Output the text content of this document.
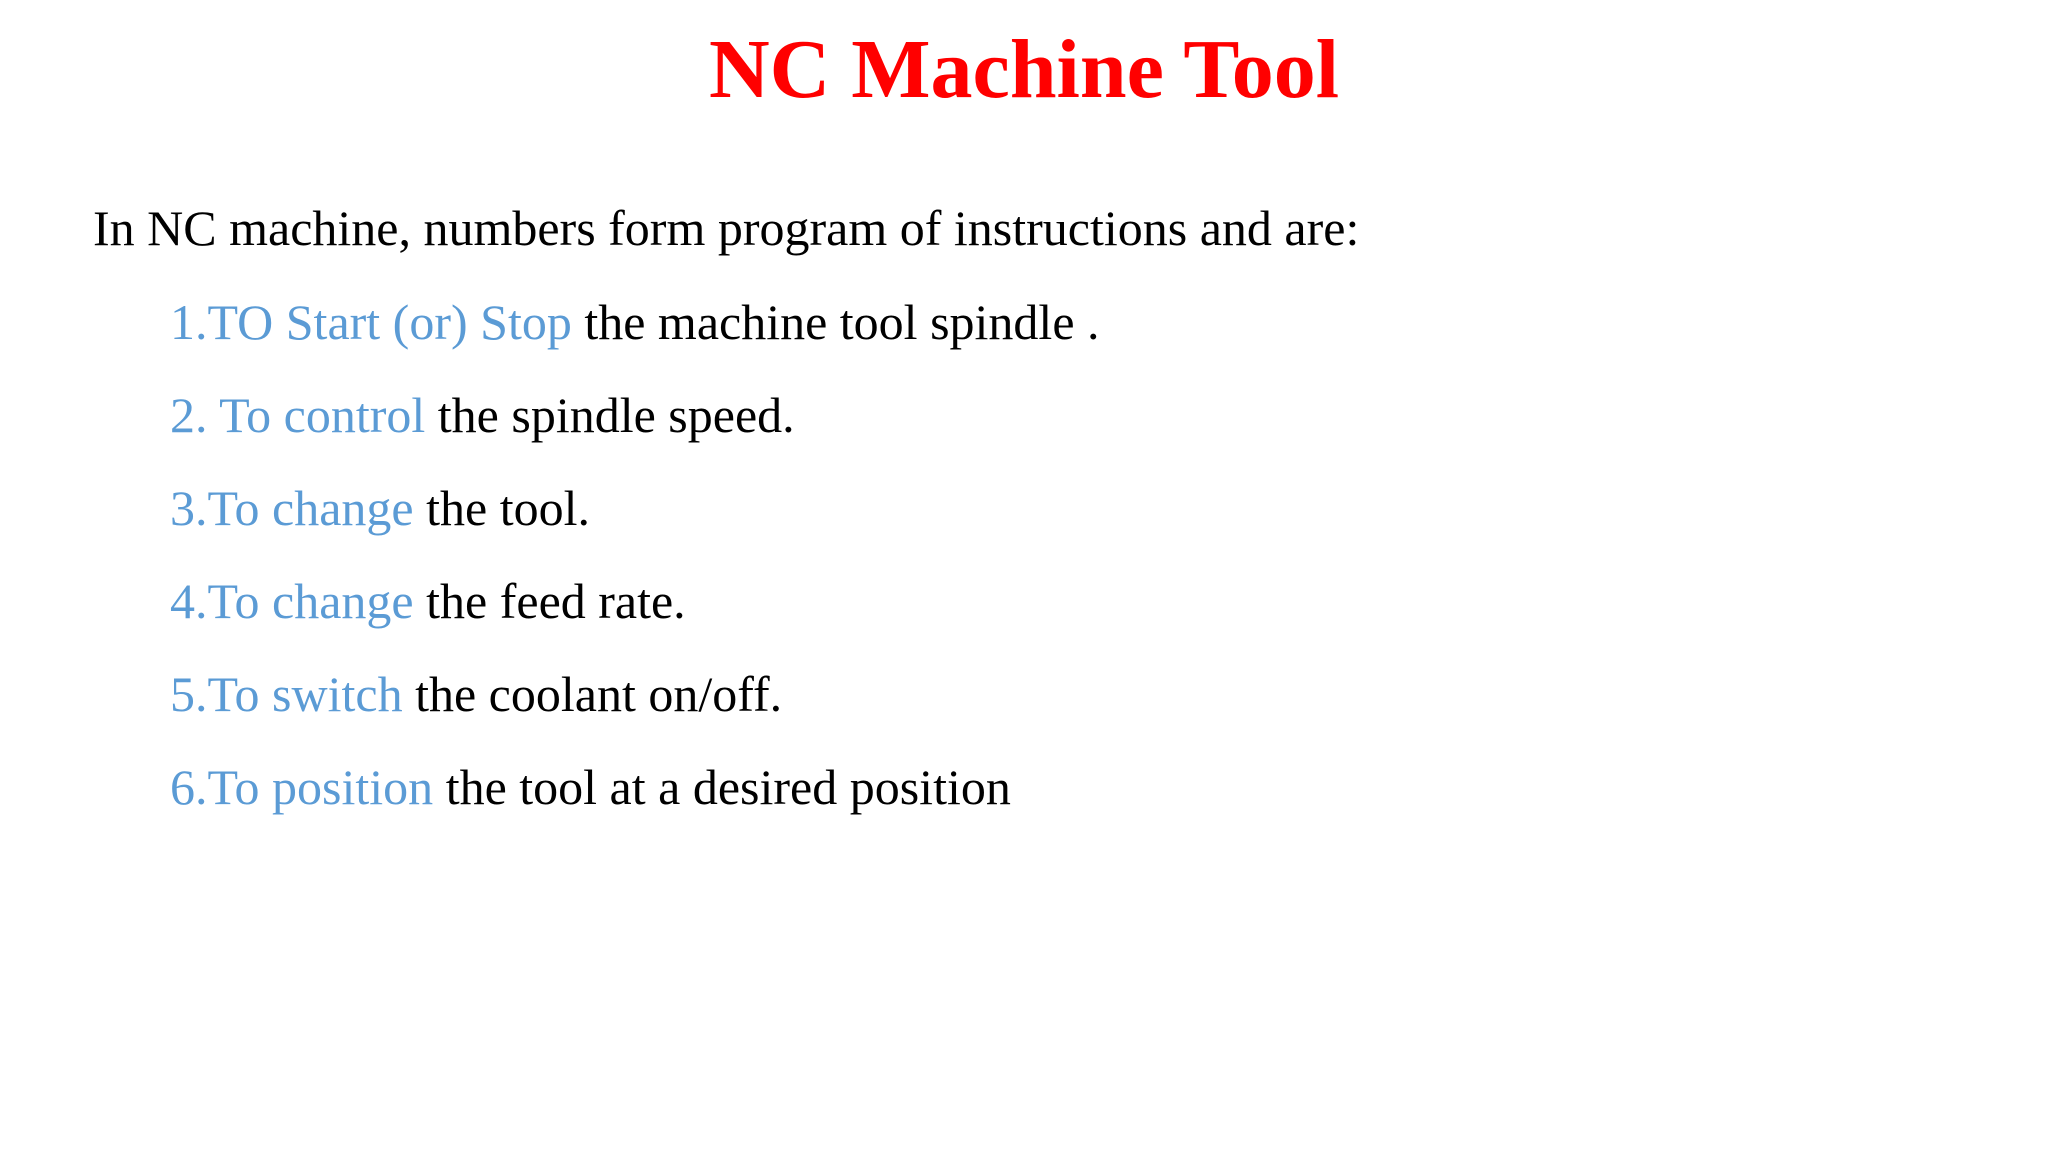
NC Machine Tool
In NC machine, numbers form program of instructions and are:
1.TO Start (or) Stop the machine tool spindle .
2. To control the spindle speed.
3.To change the tool.
4.To change the feed rate.
5.To switch the coolant on/off.
6.To position the tool at a desired position
